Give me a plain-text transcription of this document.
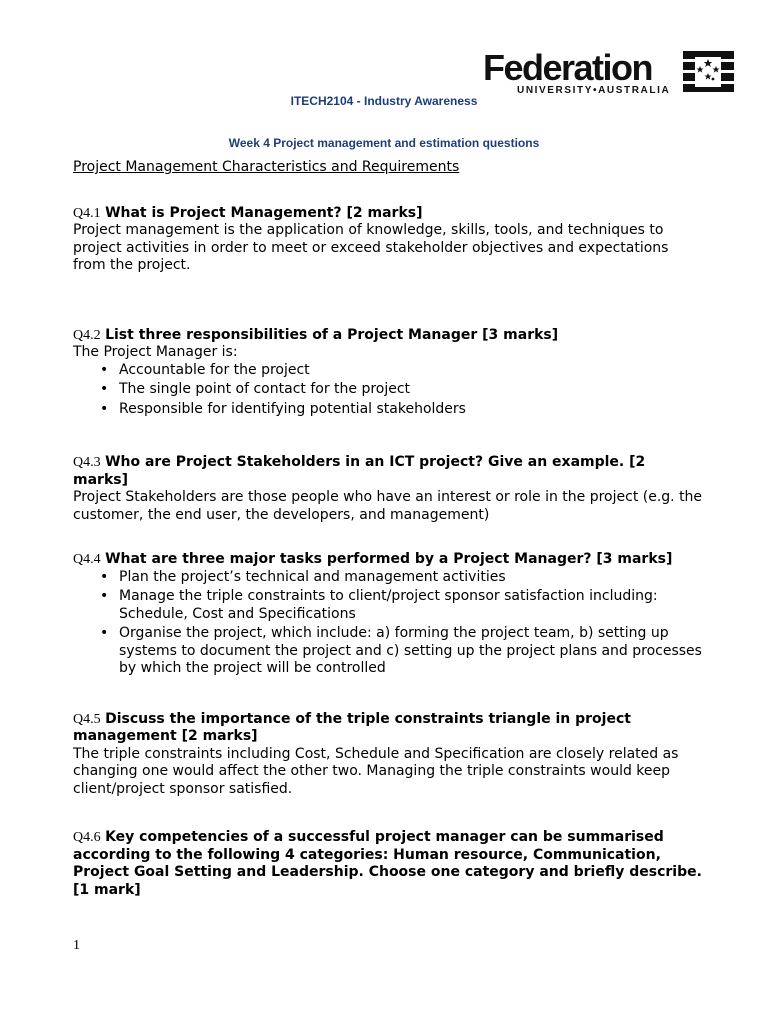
Federation
UNIVERSITY•AUSTRALIA
ITECH2104 - Industry Awareness
Week 4 Project management and estimation questions

Project Management Characteristics and Requirements

Q4.1 What is Project Management? [2 marks]

Project management is the application of knowledge, skills, tools, and techniques to project activities in order to meet or exceed stakeholder objectives and expectations from the project.

Q4.2 List three responsibilities of a Project Manager [3 marks]

The Project Manager is:

• Accountable for the project
• The single point of contact for the project
• Responsible for identifying potential stakeholders

Q4.3 Who are Project Stakeholders in an ICT project? Give an example. [2 marks]

Project Stakeholders are those people who have an interest or role in the project (e.g. the customer, the end user, the developers, and management)

Q4.4 What are three major tasks performed by a Project Manager? [3 marks]

• Plan the project’s technical and management activities
• Manage the triple constraints to client/project sponsor satisfaction including: Schedule, Cost and Specifications
• Organise the project, which include: a) forming the project team, b) setting up systems to document the project and c) setting up the project plans and processes by which the project will be controlled

Q4.5 Discuss the importance of the triple constraints triangle in project management [2 marks]

The triple constraints including Cost, Schedule and Specification are closely related as changing one would affect the other two. Managing the triple constraints would keep client/project sponsor satisfied.

Q4.6 Key competencies of a successful project manager can be summarised according to the following 4 categories: Human resource, Communication, Project Goal Setting and Leadership. Choose one category and briefly describe. [1 mark]

1
